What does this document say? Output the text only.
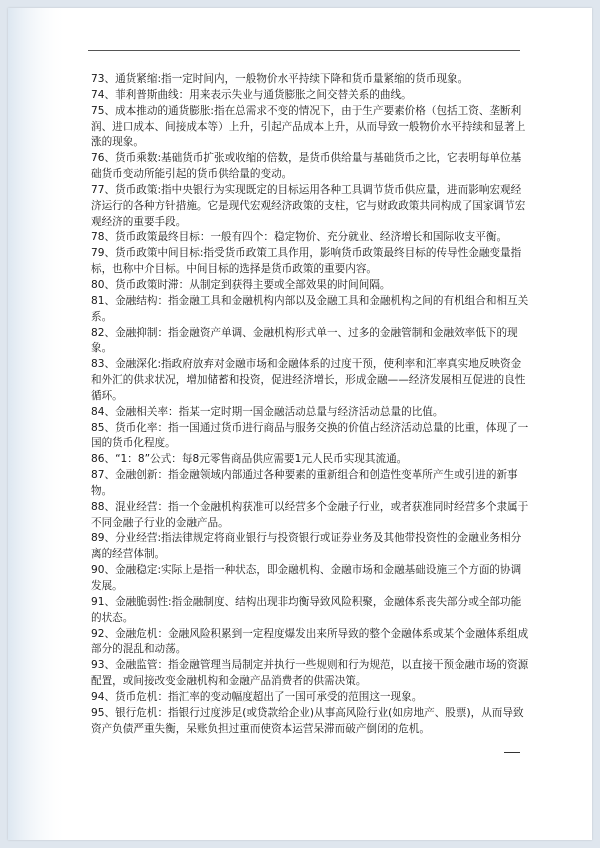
73、通货紧缩:指一定时间内，一般物价水平持续下降和货币量紧缩的货币现象。

74、菲利普斯曲线：用来表示失业与通货膨胀之间交替关系的曲线。

75、成本推动的通货膨胀:指在总需求不变的情况下，由于生产要素价格（包括工资、垄断利润、进口成本、间接成本等）上升，引起产品成本上升，从而导致一般物价水平持续和显著上涨的现象。

76、货币乘数:基础货币扩张或收缩的倍数，是货币供给量与基础货币之比，它表明每单位基础货币变动所能引起的货币供给量的变动。

77、货币政策:指中央银行为实现既定的目标运用各种工具调节货币供应量，进而影响宏观经济运行的各种方针措施。它是现代宏观经济政策的支柱，它与财政政策共同构成了国家调节宏观经济的重要手段。

78、货币政策最终目标：一般有四个：稳定物价、充分就业、经济增长和国际收支平衡。

79、货币政策中间目标:指受货币政策工具作用，影响货币政策最终目标的传导性金融变量指标，也称中介目标。中间目标的选择是货币政策的重要内容。

80、货币政策时滞：从制定到获得主要或全部效果的时间间隔。

81、金融结构：指金融工具和金融机构内部以及金融工具和金融机构之间的有机组合和相互关系。

82、金融抑制：指金融资产单调、金融机构形式单一、过多的金融管制和金融效率低下的现象。

83、金融深化:指政府放弃对金融市场和金融体系的过度干预，使利率和汇率真实地反映资金和外汇的供求状况，增加储蓄和投资，促进经济增长，形成金融——经济发展相互促进的良性循环。

84、金融相关率：指某一定时期一国金融活动总量与经济活动总量的比值。

85、货币化率：指一国通过货币进行商品与服务交换的价值占经济活动总量的比重，体现了一国的货币化程度。

86、“1：8”公式：每8元零售商品供应需要1元人民币实现其流通。

87、金融创新：指金融领域内部通过各种要素的重新组合和创造性变革所产生或引进的新事物。

88、混业经营：指一个金融机构获准可以经营多个金融子行业，或者获准同时经营多个隶属于不同金融子行业的金融产品。

89、分业经营:指法律规定将商业银行与投资银行或证券业务及其他带投资性的金融业务相分离的经营体制。

90、金融稳定:实际上是指一种状态，即金融机构、金融市场和金融基础设施三个方面的协调发展。

91、金融脆弱性:指金融制度、结构出现非均衡导致风险积聚，金融体系丧失部分或全部功能的状态。

92、金融危机：金融风险积累到一定程度爆发出来所导致的整个金融体系或某个金融体系组成部分的混乱和动荡。

93、金融监管：指金融管理当局制定并执行一些规则和行为规范，以直接干预金融市场的资源配置，或间接改变金融机构和金融产品消费者的供需决策。

94、货币危机：指汇率的变动幅度超出了一国可承受的范围这一现象。

95、银行危机：指银行过度涉足(或贷款给企业)从事高风险行业(如房地产、股票)，从而导致资产负债严重失衡，呆账负担过重而使资本运营呆滞而破产倒闭的危机。
